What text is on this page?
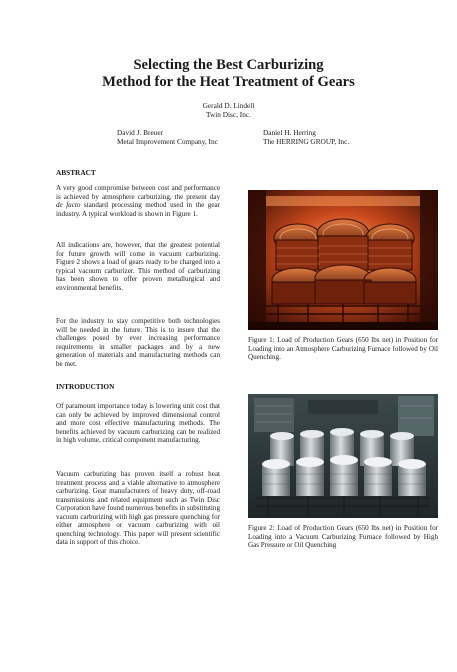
Selecting the Best Carburizing
Method for the Heat Treatment of Gears
Gerald D. Lindell
Twin Disc, Inc.
David J. Breuer
Metal Improvement Company, Inc
Daniel H. Herring
The HERRING GROUP, Inc.
ABSTRACT
A very good compromise between cost and performance is achieved by atmosphere carburizing, the present day de facto standard processing method used in the gear industry. A typical workload is shown in Figure 1.
All indications are, however, that the greatest potential for future growth will come in vacuum carburizing. Figure 2 shows a load of gears ready to be charged into a typical vacuum carburizer. This method of carburizing has been shown to offer proven metallurgical and environmental benefits.
For the industry to stay competitive both technologies will be needed in the future. This is to insure that the challenges posed by ever increasing performance requirements in smaller packages and by a new generation of materials and manufacturing methods can be met.
INTRODUCTION
Of paramount importance today is lowering unit cost that can only be achieved by improved dimensional control and more cost effective manufacturing methods. The benefits achieved by vacuum carburizing can be realized in high volume, critical component manufacturing.
Vacuum carburizing has proven itself a robust heat treatment process and a viable alternative to atmosphere carburizing. Gear manufacturers of heavy duty, off-road transmissions and related equipment such as Twin Disc Corporation have found numerous benefits in substituting vacuum carburizing with high gas pressure quenching for either atmosphere or vacuum carburizing with oil quenching technology. This paper will present scientific data in support of this choice.
Figure 1: Load of Production Gears (650 lbs net) in Position for Loading into an Atmosphere Carburizing Furnace followed by Oil Quenching.
Figure 2: Load of Production Gears (650 lbs net) in Position for Loading into a Vacuum Carburizing Furnace followed by High Gas Pressure or Oil Quenching
